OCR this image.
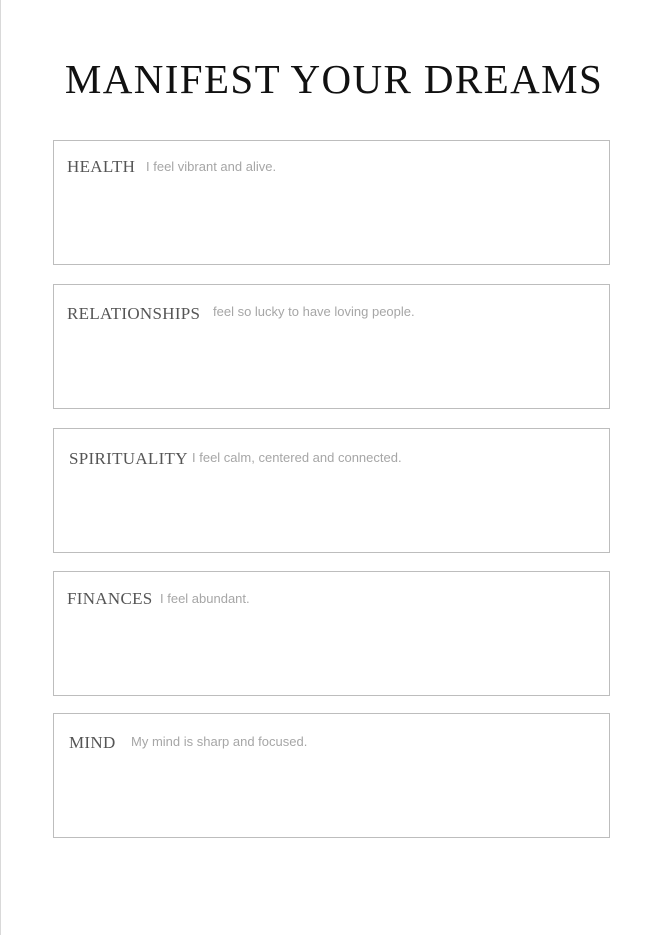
MANIFEST YOUR DREAMS
HEALTH I feel vibrant and alive.
RELATIONSHIPS feel so lucky to have loving people.
SPIRITUALITY I feel calm, centered and connected.
FINANCES I feel abundant.
MIND My mind is sharp and focused.
